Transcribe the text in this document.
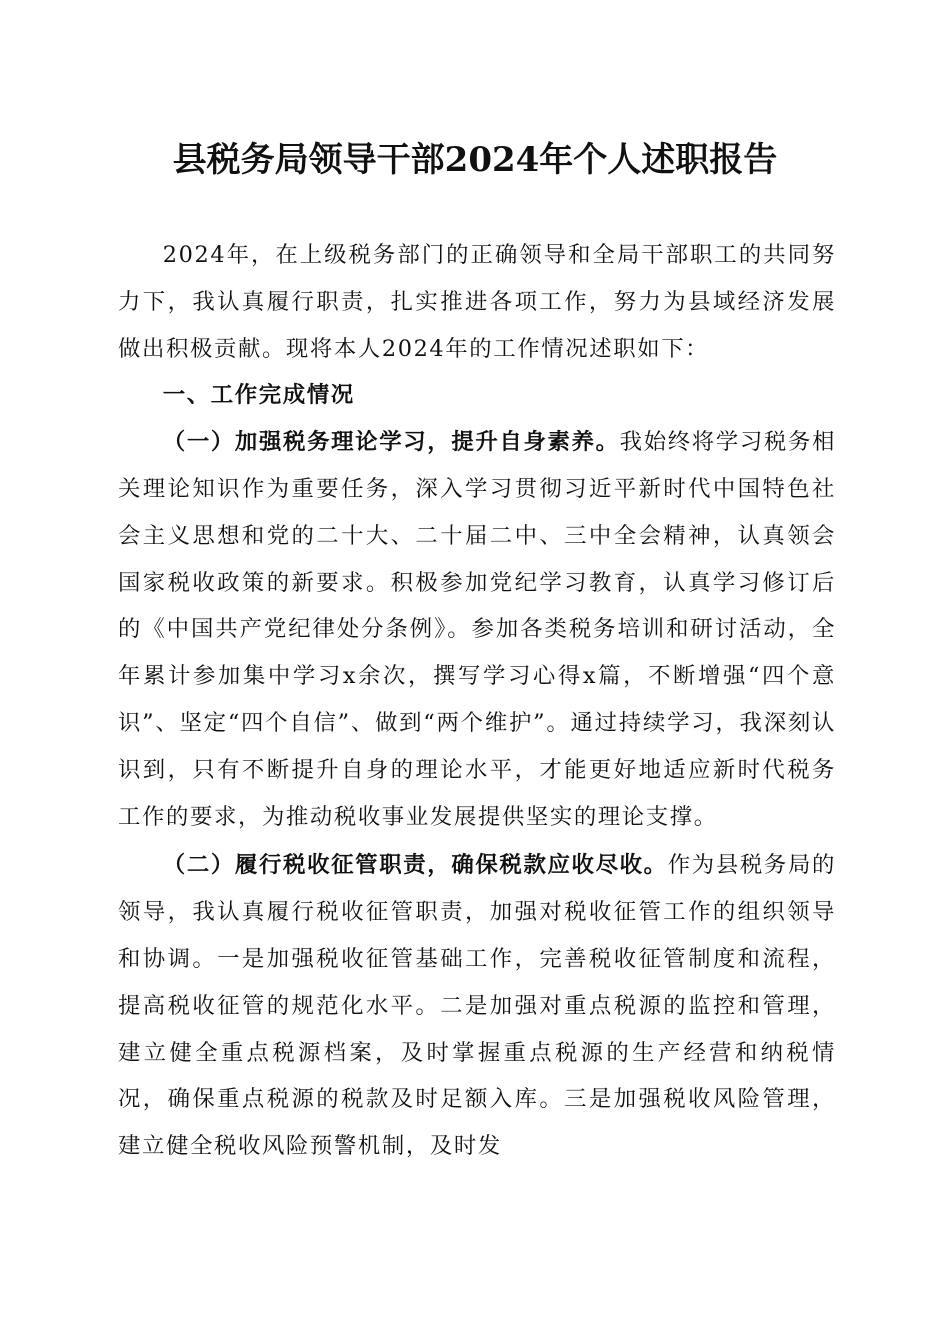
县税务局领导干部2024年个人述职报告

2024年，在上级税务部门的正确领导和全局干部职工的共同努力下，我认真履行职责，扎实推进各项工作，努力为县域经济发展做出积极贡献。现将本人2024年的工作情况述职如下：

一、工作完成情况

（一）加强税务理论学习，提升自身素养。我始终将学习税务相关理论知识作为重要任务，深入学习贯彻习近平新时代中国特色社会主义思想和党的二十大、二十届二中、三中全会精神，认真领会国家税收政策的新要求。积极参加党纪学习教育，认真学习修订后的《中国共产党纪律处分条例》。参加各类税务培训和研讨活动，全年累计参加集中学习x余次，撰写学习心得x篇，不断增强“四个意识”、坚定“四个自信”、做到“两个维护”。通过持续学习，我深刻认识到，只有不断提升自身的理论水平，才能更好地适应新时代税务工作的要求，为推动税收事业发展提供坚实的理论支撑。

（二）履行税收征管职责，确保税款应收尽收。作为县税务局的领导，我认真履行税收征管职责，加强对税收征管工作的组织领导和协调。一是加强税收征管基础工作，完善税收征管制度和流程，提高税收征管的规范化水平。二是加强对重点税源的监控和管理，建立健全重点税源档案，及时掌握重点税源的生产经营和纳税情况，确保重点税源的税款及时足额入库。三是加强税收风险管理，建立健全税收风险预警机制，及时发
